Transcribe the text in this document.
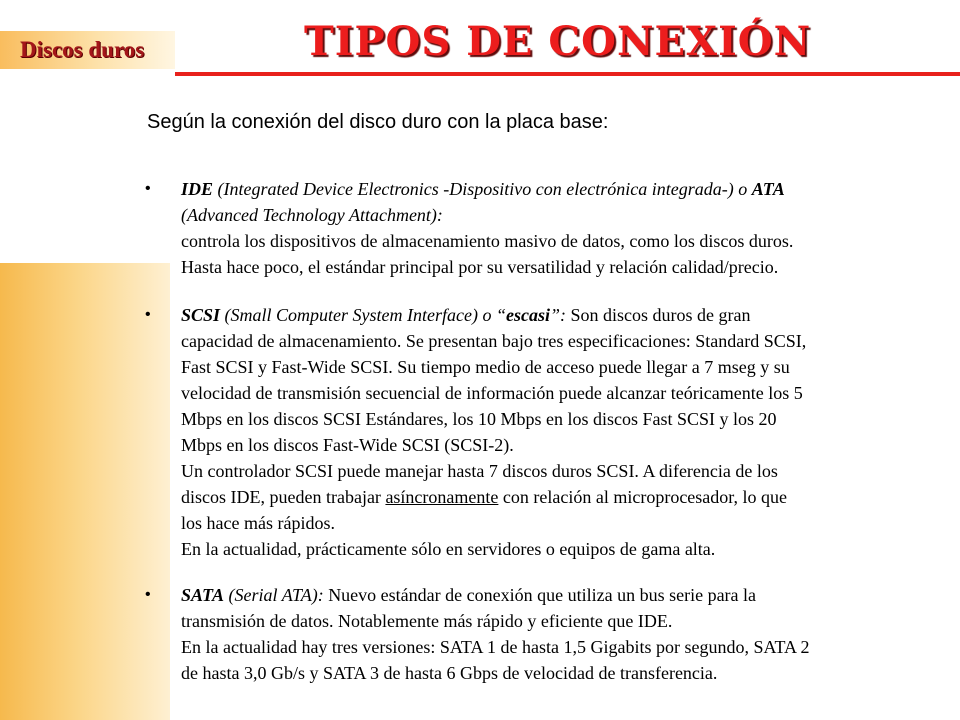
Discos duros	TIPOS DE CONEXIÓN
Según la conexión del disco duro con la placa base:
• IDE (Integrated Device Electronics -Dispositivo con electrónica integrada-) o ATA
(Advanced Technology Attachment):
controla los dispositivos de almacenamiento masivo de datos, como los discos duros.
Hasta hace poco, el estándar principal por su versatilidad y relación calidad/precio.
• SCSI (Small Computer System Interface) o “escasi”: Son discos duros de gran
capacidad de almacenamiento. Se presentan bajo tres especificaciones: Standard SCSI,
Fast SCSI y Fast-Wide SCSI. Su tiempo medio de acceso puede llegar a 7 mseg y su
velocidad de transmisión secuencial de información puede alcanzar teóricamente los 5
Mbps en los discos SCSI Estándares, los 10 Mbps en los discos Fast SCSI y los 20
Mbps en los discos Fast-Wide SCSI (SCSI-2).
Un controlador SCSI puede manejar hasta 7 discos duros SCSI. A diferencia de los
discos IDE, pueden trabajar asíncronamente con relación al microprocesador, lo que
los hace más rápidos.
En la actualidad, prácticamente sólo en servidores o equipos de gama alta.
• SATA (Serial ATA): Nuevo estándar de conexión que utiliza un bus serie para la
transmisión de datos. Notablemente más rápido y eficiente que IDE.
En la actualidad hay tres versiones: SATA 1 de hasta 1,5 Gigabits por segundo, SATA 2
de hasta 3,0 Gb/s y SATA 3 de hasta 6 Gbps de velocidad de transferencia.
